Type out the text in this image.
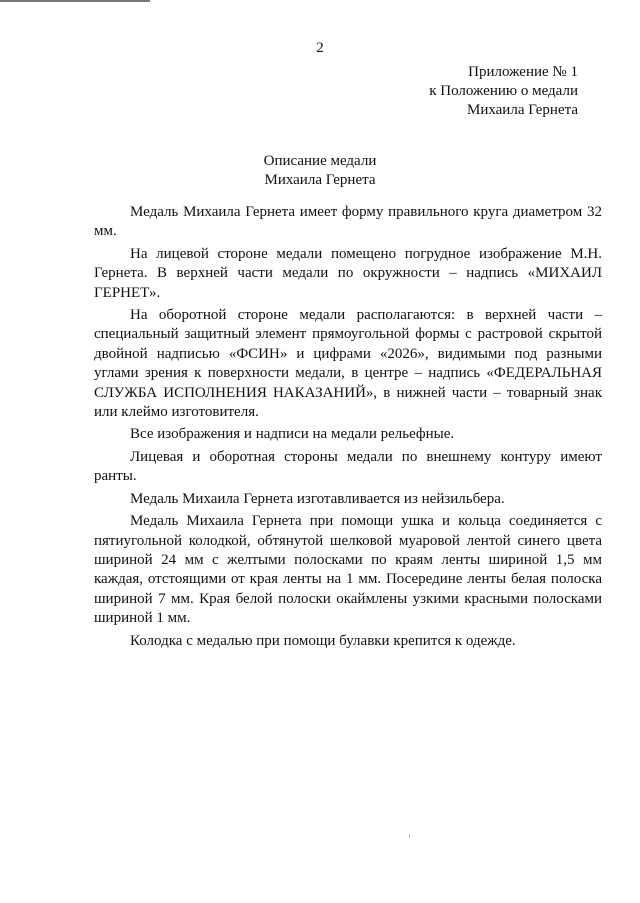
2
Приложение № 1
к Положению о медали
Михаила Гернета
Описание медали
Михаила Гернета

Медаль Михаила Гернета имеет форму правильного круга диаметром 32 мм.

На лицевой стороне медали помещено погрудное изображение М.Н. Гернета. В верхней части медали по окружности – надпись «МИХАИЛ ГЕРНЕТ».

На оборотной стороне медали располагаются: в верхней части – специальный защитный элемент прямоугольной формы с растровой скрытой двойной надписью «ФСИН» и цифрами «2026», видимыми под разными углами зрения к поверхности медали, в центре – надпись «ФЕДЕРАЛЬНАЯ СЛУЖБА ИСПОЛНЕНИЯ НАКАЗАНИЙ», в нижней части – товарный знак или клеймо изготовителя.

Все изображения и надписи на медали рельефные.

Лицевая и оборотная стороны медали по внешнему контуру имеют ранты.

Медаль Михаила Гернета изготавливается из нейзильбера.

Медаль Михаила Гернета при помощи ушка и кольца соединяется с пятиугольной колодкой, обтянутой шелковой муаровой лентой синего цвета шириной 24 мм с желтыми полосками по краям ленты шириной 1,5 мм каждая, отстоящими от края ленты на 1 мм. Посередине ленты белая полоска шириной 7 мм. Края белой полоски окаймлены узкими красными полосками шириной 1 мм.

Колодка с медалью при помощи булавки крепится к одежде.
